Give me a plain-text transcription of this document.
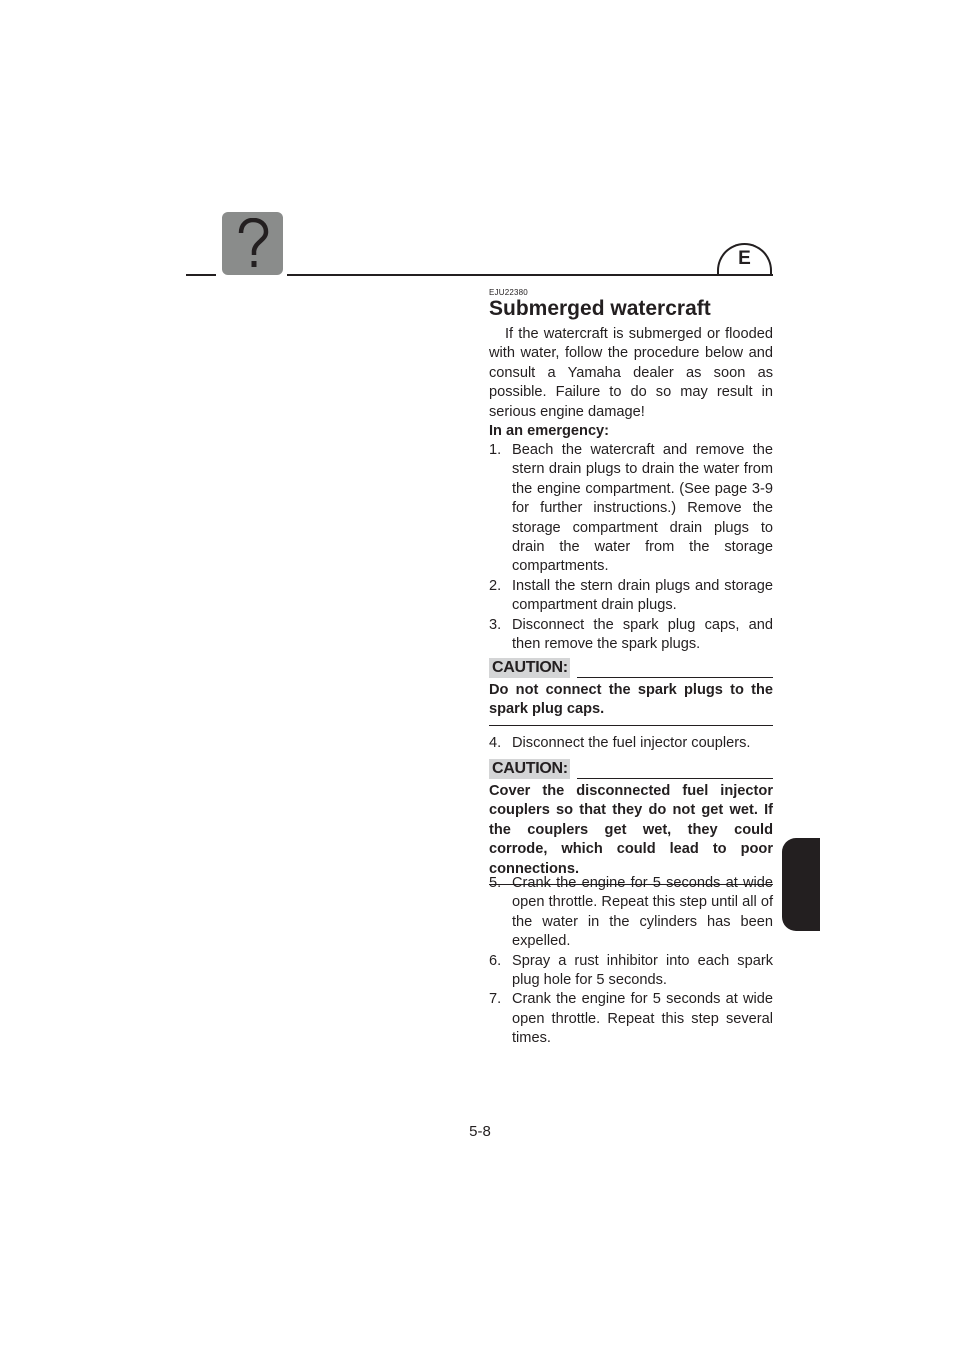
E
EJU22380
Submerged watercraft

If the watercraft is submerged or flooded with water, follow the procedure below and consult a Yamaha dealer as soon as possible. Failure to do so may result in serious engine damage!

In an emergency:
1. Beach the watercraft and remove the stern drain plugs to drain the water from the engine compartment. (See page 3-9 for further instructions.) Remove the storage compartment drain plugs to drain the water from the storage compartments.
2. Install the stern drain plugs and storage compartment drain plugs.
3. Disconnect the spark plug caps, and then remove the spark plugs.
CAUTION:
Do not connect the spark plugs to the spark plug caps.
4. Disconnect the fuel injector couplers.
CAUTION:
Cover the disconnected fuel injector couplers so that they do not get wet. If the couplers get wet, they could corrode, which could lead to poor connections.
5. Crank the engine for 5 seconds at wide open throttle. Repeat this step until all of the water in the cylinders has been expelled.
6. Spray a rust inhibitor into each spark plug hole for 5 seconds.
7. Crank the engine for 5 seconds at wide open throttle. Repeat this step several times.
5-8
